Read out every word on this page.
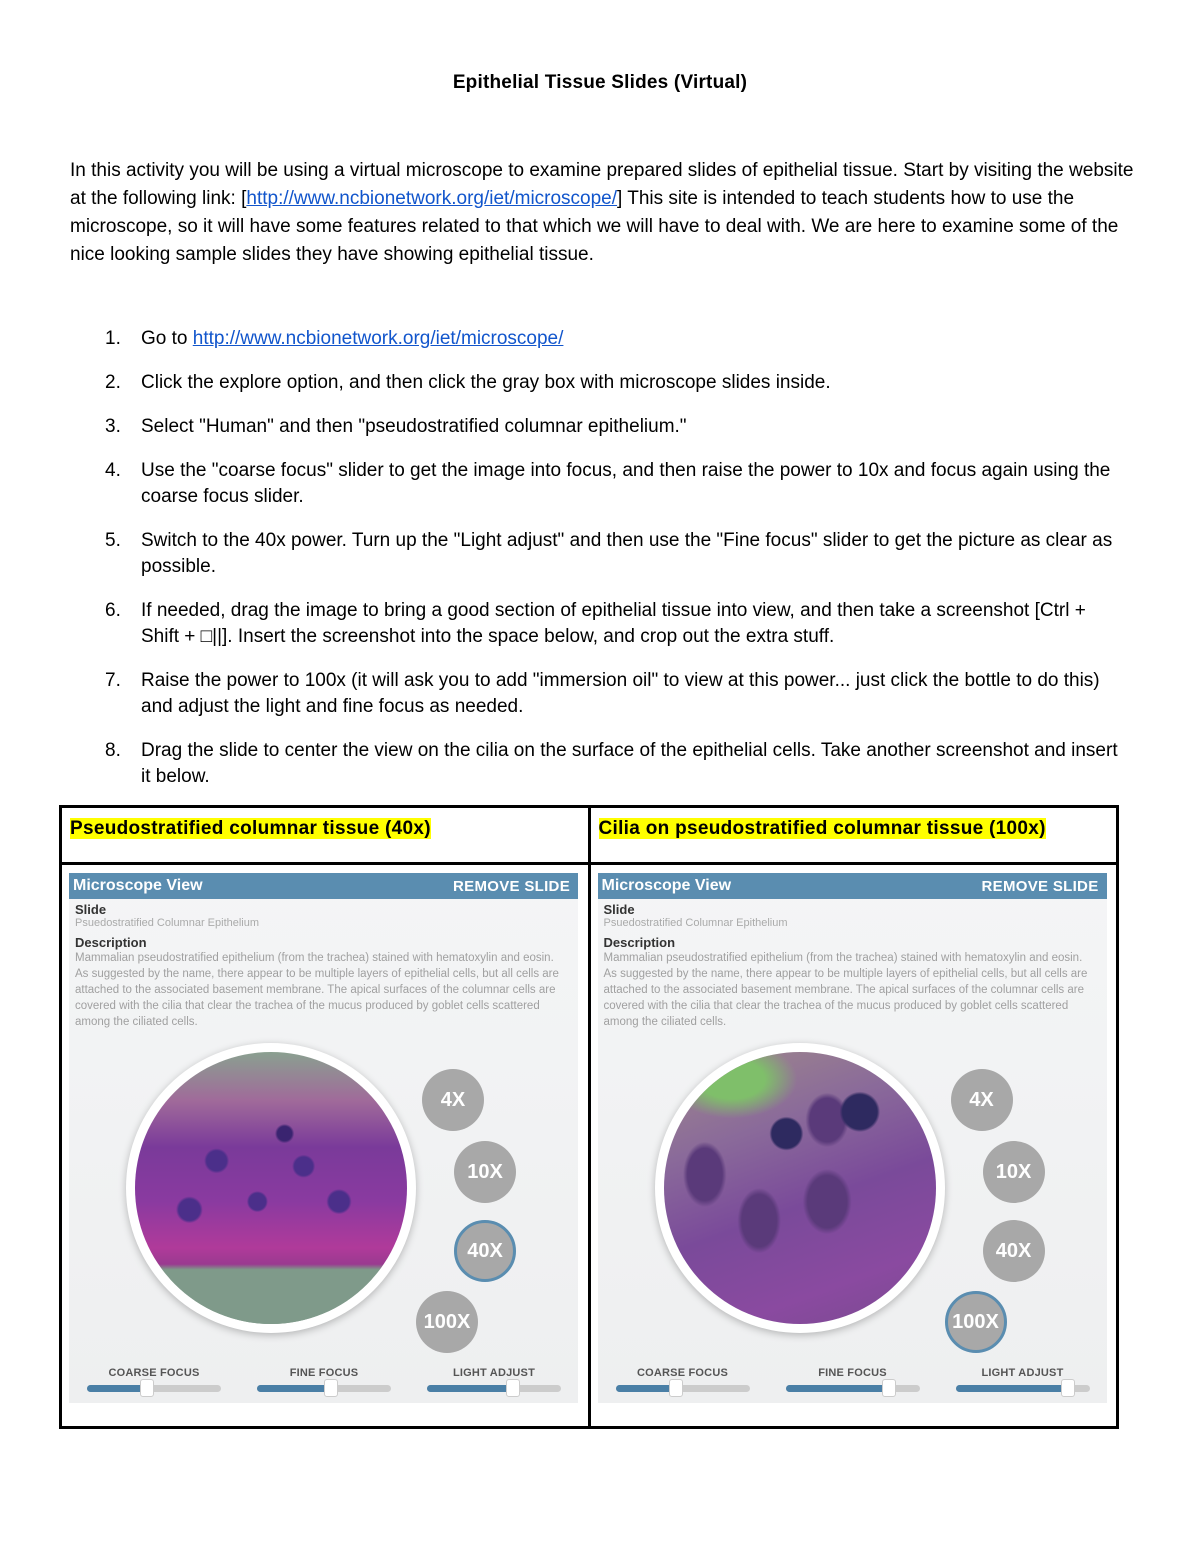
Epithelial Tissue Slides (Virtual)
In this activity you will be using a virtual microscope to examine prepared slides of epithelial tissue. Start by visiting the website at the following link: [http://www.ncbionetwork.org/iet/microscope/] This site is intended to teach students how to use the microscope, so it will have some features related to that which we will have to deal with. We are here to examine some of the nice looking sample slides they have showing epithelial tissue.
1. Go to http://www.ncbionetwork.org/iet/microscope/
2. Click the explore option, and then click the gray box with microscope slides inside.
3. Select "Human" and then "pseudostratified columnar epithelium."
4. Use the "coarse focus" slider to get the image into focus, and then raise the power to 10x and focus again using the coarse focus slider.
5. Switch to the 40x power. Turn up the "Light adjust" and then use the "Fine focus" slider to get the picture as clear as possible.
6. If needed, drag the image to bring a good section of epithelial tissue into view, and then take a screenshot [Ctrl + Shift + □||]. Insert the screenshot into the space below, and crop out the extra stuff.
7. Raise the power to 100x (it will ask you to add "immersion oil" to view at this power... just click the bottle to do this) and adjust the light and fine focus as needed.
8. Drag the slide to center the view on the cilia on the surface of the epithelial cells. Take another screenshot and insert it below.
Pseudostratified columnar tissue (40x)	Cilia on pseudostratified columnar tissue (100x)

Microscope View	REMOVE SLIDE
Slide
Psuedostratified Columnar Epithelium
Description
Mammalian pseudostratified epithelium (from the trachea) stained with hematoxylin and eosin. As suggested by the name, there appear to be multiple layers of epithelial cells, but all cells are attached to the associated basement membrane. The apical surfaces of the columnar cells are covered with the cilia that clear the trachea of the mucus produced by goblet cells scattered among the ciliated cells.
4X
10X
40X
100X
COARSE FOCUS	FINE FOCUS	LIGHT ADJUST

Microscope View	REMOVE SLIDE
Slide
Psuedostratified Columnar Epithelium
Description
Mammalian pseudostratified epithelium (from the trachea) stained with hematoxylin and eosin. As suggested by the name, there appear to be multiple layers of epithelial cells, but all cells are attached to the associated basement membrane. The apical surfaces of the columnar cells are covered with the cilia that clear the trachea of the mucus produced by goblet cells scattered among the ciliated cells.
4X
10X
40X
100X
COARSE FOCUS	FINE FOCUS	LIGHT ADJUST
